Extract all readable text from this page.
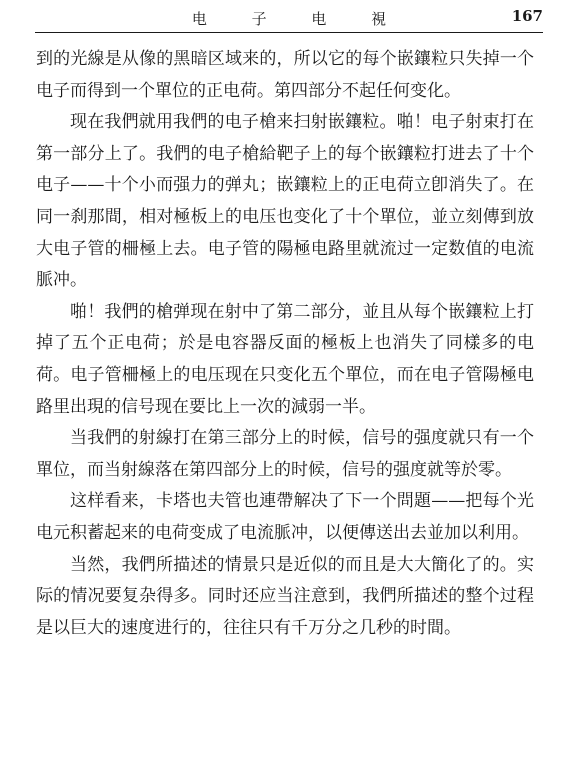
电 子 电 視	167

到的光線是从像的黑暗区域来的，所以它的每个嵌鑲粒只失掉一个电子而得到一个單位的正电荷。第四部分不起任何变化。

现在我們就用我們的电子槍来扫射嵌鑲粒。啪！电子射束打在第一部分上了。我們的电子槍給靶子上的每个嵌鑲粒打进去了十个电子——十个小而强力的弹丸；嵌鑲粒上的正电荷立卽消失了。在同一刹那間，相对極板上的电压也变化了十个單位，並立刻傳到放大电子管的柵極上去。电子管的陽極电路里就流过一定数值的电流脈冲。

啪！我們的槍弹现在射中了第二部分，並且从每个嵌鑲粒上打掉了五个正电荷；於是电容器反面的極板上也消失了同樣多的电荷。电子管柵極上的电压现在只变化五个單位，而在电子管陽極电路里出現的信号现在要比上一次的減弱一半。

当我們的射線打在第三部分上的时候，信号的强度就只有一个單位，而当射線落在第四部分上的时候，信号的强度就等於零。

这样看来，卡塔也夫管也連帶解决了下一个問題——把每个光电元积蓄起来的电荷变成了电流脈冲，以便傳送出去並加以利用。

当然，我們所描述的情景只是近似的而且是大大簡化了的。实际的情况要复杂得多。同时还应当注意到，我們所描述的整个过程是以巨大的速度进行的，往往只有千万分之几秒的时間。
